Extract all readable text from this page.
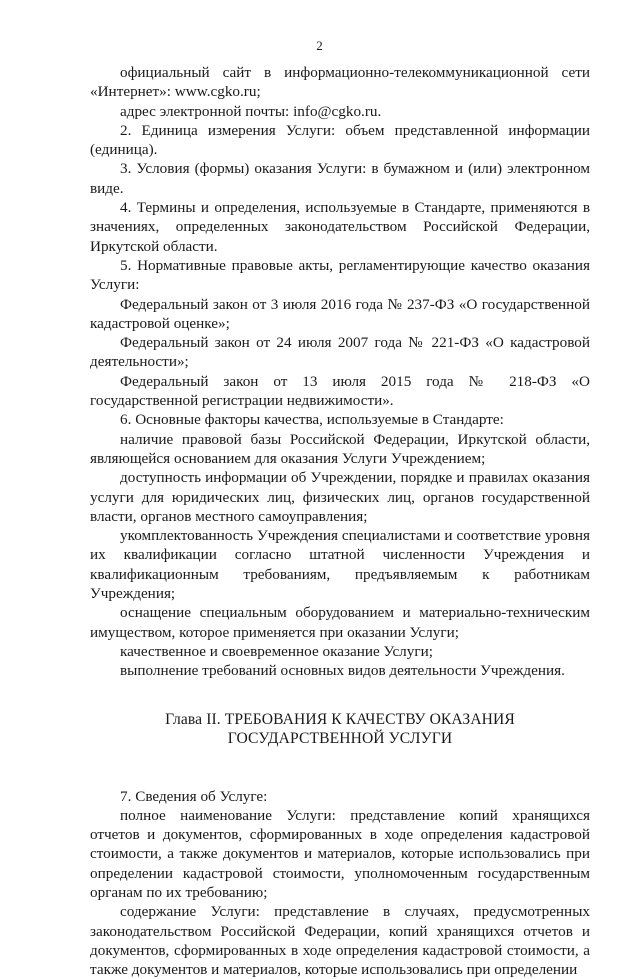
2

официальный сайт в информационно-телекоммуникационной сети «Интернет»: www.cgko.ru;

адрес электронной почты: info@cgko.ru.

2. Единица измерения Услуги: объем представленной информации (единица).

3. Условия (формы) оказания Услуги: в бумажном и (или) электронном виде.

4. Термины и определения, используемые в Стандарте, применяются в значениях, определенных законодательством Российской Федерации, Иркутской области.

5. Нормативные правовые акты, регламентирующие качество оказания Услуги:

Федеральный закон от 3 июля 2016 года № 237-ФЗ «О государственной кадастровой оценке»;

Федеральный закон от 24 июля 2007 года № 221-ФЗ «О кадастровой деятельности»;

Федеральный закон от 13 июля 2015 года № 218-ФЗ «О государственной регистрации недвижимости».

6. Основные факторы качества, используемые в Стандарте:

наличие правовой базы Российской Федерации, Иркутской области, являющейся основанием для оказания Услуги Учреждением;

доступность информации об Учреждении, порядке и правилах оказания услуги для юридических лиц, физических лиц, органов государственной власти, органов местного самоуправления;

укомплектованность Учреждения специалистами и соответствие уровня их квалификации согласно штатной численности Учреждения и квалификационным требованиям, предъявляемым к работникам Учреждения;

оснащение специальным оборудованием и материально-техническим имуществом, которое применяется при оказании Услуги;

качественное и своевременное оказание Услуги;

выполнение требований основных видов деятельности Учреждения.

Глава II. ТРЕБОВАНИЯ К КАЧЕСТВУ ОКАЗАНИЯ
ГОСУДАРСТВЕННОЙ УСЛУГИ

7. Сведения об Услуге:

полное наименование Услуги: представление копий хранящихся отчетов и документов, сформированных в ходе определения кадастровой стоимости, а также документов и материалов, которые использовались при определении кадастровой стоимости, уполномоченным государственным органам по их требованию;

содержание Услуги: представление в случаях, предусмотренных законодательством Российской Федерации, копий хранящихся отчетов и документов, сформированных в ходе определения кадастровой стоимости, а также документов и материалов, которые использовались при определении
